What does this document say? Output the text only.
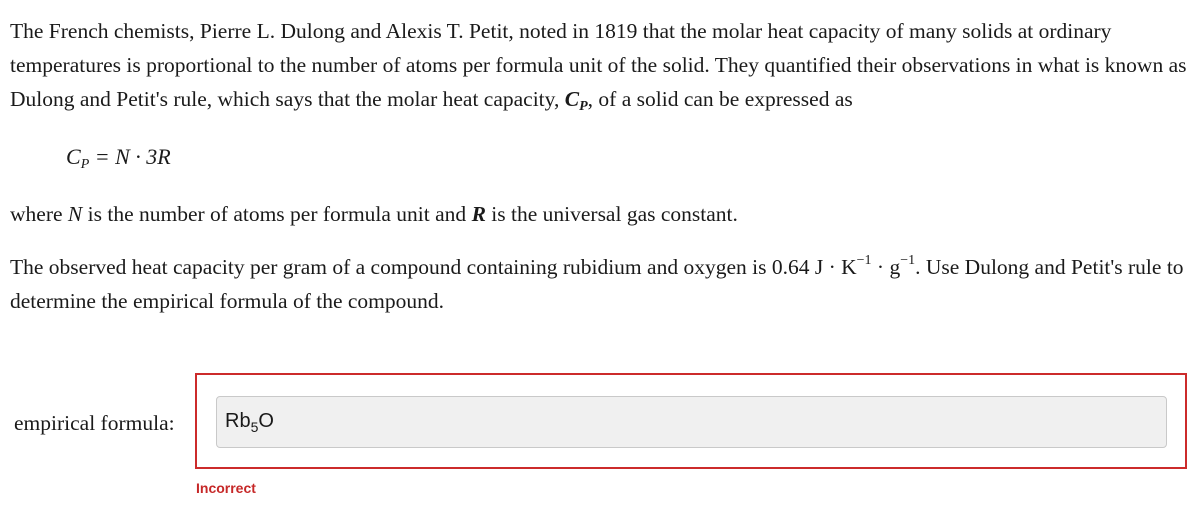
The French chemists, Pierre L. Dulong and Alexis T. Petit, noted in 1819 that the molar heat capacity of many solids at ordinary temperatures is proportional to the number of atoms per formula unit of the solid. They quantified their observations in what is known as Dulong and Petit's rule, which says that the molar heat capacity, $C_P$, of a solid can be expressed as

$C_P = N \cdot 3R$

where N is the number of atoms per formula unit and R is the universal gas constant.

The observed heat capacity per gram of a compound containing rubidium and oxygen is 0.64 $J \cdot K^{-1} \cdot g^{-1}$. Use Dulong and Petit's rule to determine the empirical formula of the compound.

empirical formula:	$Rb_5O$
Incorrect
